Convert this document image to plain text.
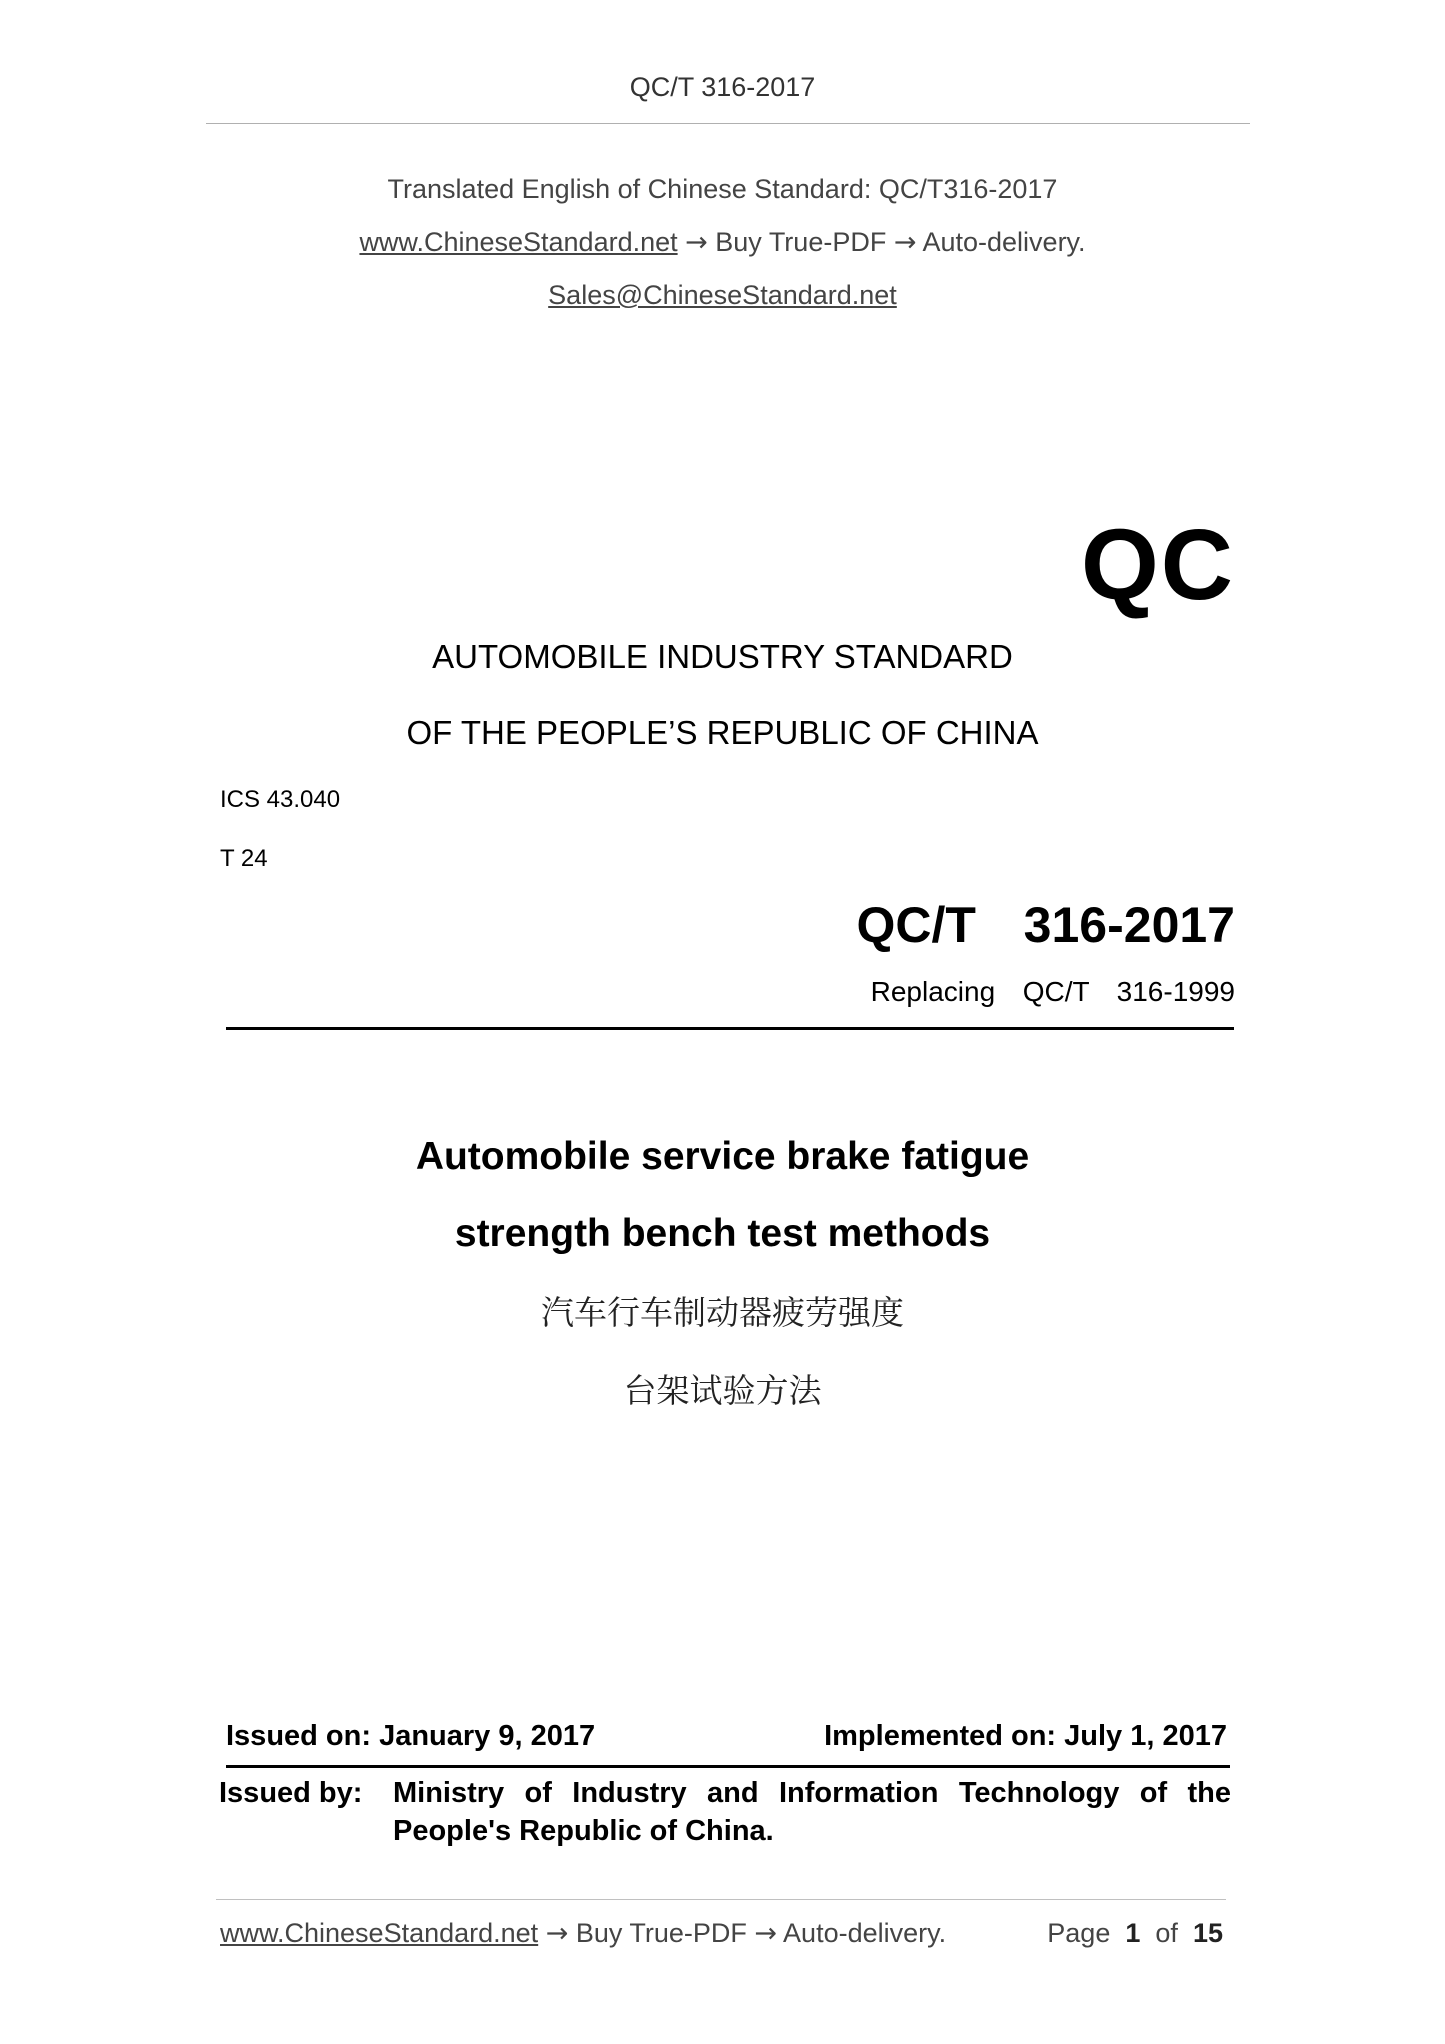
QC/T 316-2017
Translated English of Chinese Standard: QC/T316-2017
www.ChineseStandard.net → Buy True-PDF → Auto-delivery.
Sales@ChineseStandard.net
QC
AUTOMOBILE INDUSTRY STANDARD
OF THE PEOPLE’S REPUBLIC OF CHINA
ICS 43.040
T 24
QC/T  316-2017
Replacing  QC/T  316-1999
Automobile service brake fatigue
strength bench test methods
汽车行车制动器疲劳强度
台架试验方法
Issued on: January 9, 2017	Implemented on: July 1, 2017
Issued by: Ministry of Industry and Information Technology of the
People's Republic of China.
www.ChineseStandard.net → Buy True-PDF → Auto-delivery.	Page 1 of 15
